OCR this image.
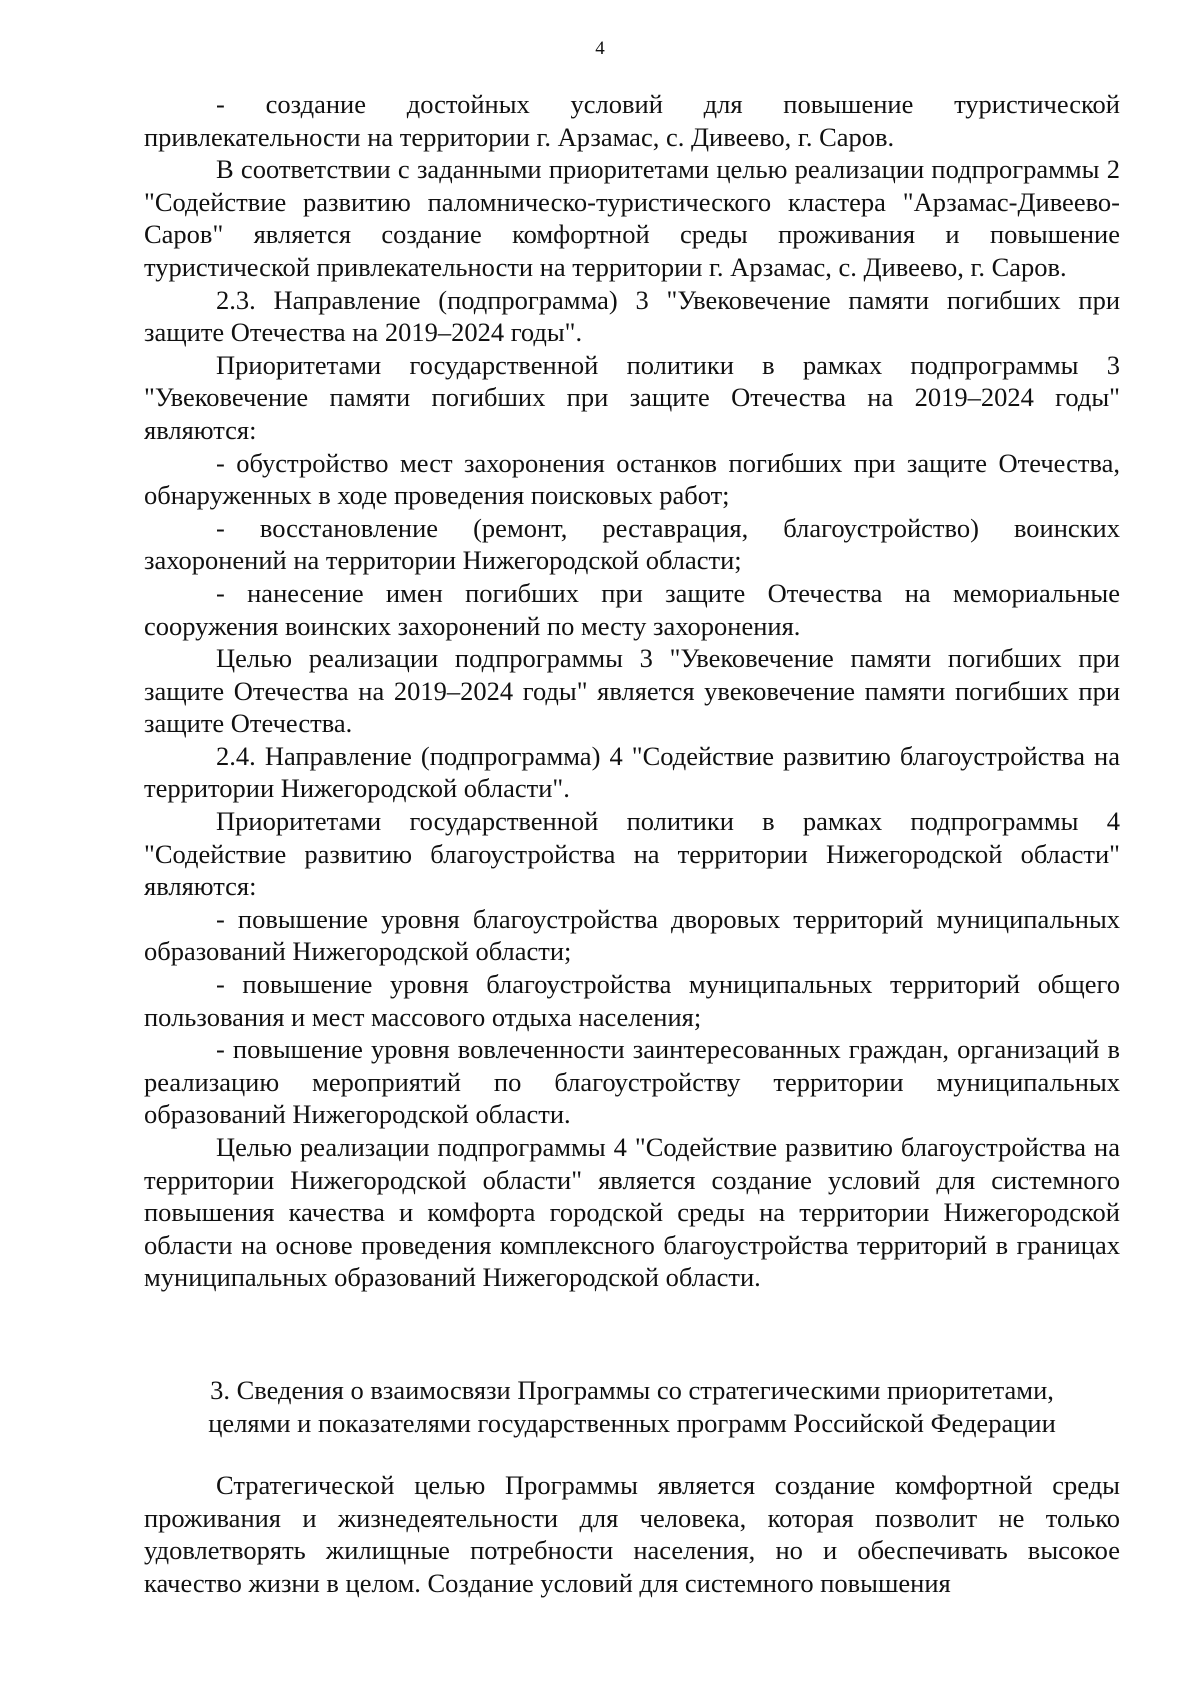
4

- создание достойных условий для повышение туристической привлекательности на территории г. Арзамас, с. Дивеево, г. Саров.

В соответствии с заданными приоритетами целью реализации подпрограммы 2 "Содействие развитию паломническо-туристического кластера "Арзамас-Дивеево-Саров" является создание комфортной среды проживания и повышение туристической привлекательности на территории г. Арзамас, с. Дивеево, г. Саров.

2.3. Направление (подпрограмма) 3 "Увековечение памяти погибших при защите Отечества на 2019–2024 годы".

Приоритетами государственной политики в рамках подпрограммы 3 "Увековечение памяти погибших при защите Отечества на 2019–2024 годы" являются:

- обустройство мест захоронения останков погибших при защите Отечества, обнаруженных в ходе проведения поисковых работ;

- восстановление (ремонт, реставрация, благоустройство) воинских захоронений на территории Нижегородской области;

- нанесение имен погибших при защите Отечества на мемориальные сооружения воинских захоронений по месту захоронения.

Целью реализации подпрограммы 3 "Увековечение памяти погибших при защите Отечества на 2019–2024 годы" является увековечение памяти погибших при защите Отечества.

2.4. Направление (подпрограмма) 4 "Содействие развитию благоустройства на территории Нижегородской области".

Приоритетами государственной политики в рамках подпрограммы 4 "Содействие развитию благоустройства на территории Нижегородской области" являются:

- повышение уровня благоустройства дворовых территорий муниципальных образований Нижегородской области;

- повышение уровня благоустройства муниципальных территорий общего пользования и мест массового отдыха населения;

- повышение уровня вовлеченности заинтересованных граждан, организаций в реализацию мероприятий по благоустройству территории муниципальных образований Нижегородской области.

Целью реализации подпрограммы 4 "Содействие развитию благоустройства на территории Нижегородской области" является создание условий для системного повышения качества и комфорта городской среды на территории Нижегородской области на основе проведения комплексного благоустройства территорий в границах муниципальных образований Нижегородской области.

3. Сведения о взаимосвязи Программы со стратегическими приоритетами,
целями и показателями государственных программ Российской Федерации

Стратегической целью Программы является создание комфортной среды проживания и жизнедеятельности для человека, которая позволит не только удовлетворять жилищные потребности населения, но и обеспечивать высокое качество жизни в целом. Создание условий для системного повышения
